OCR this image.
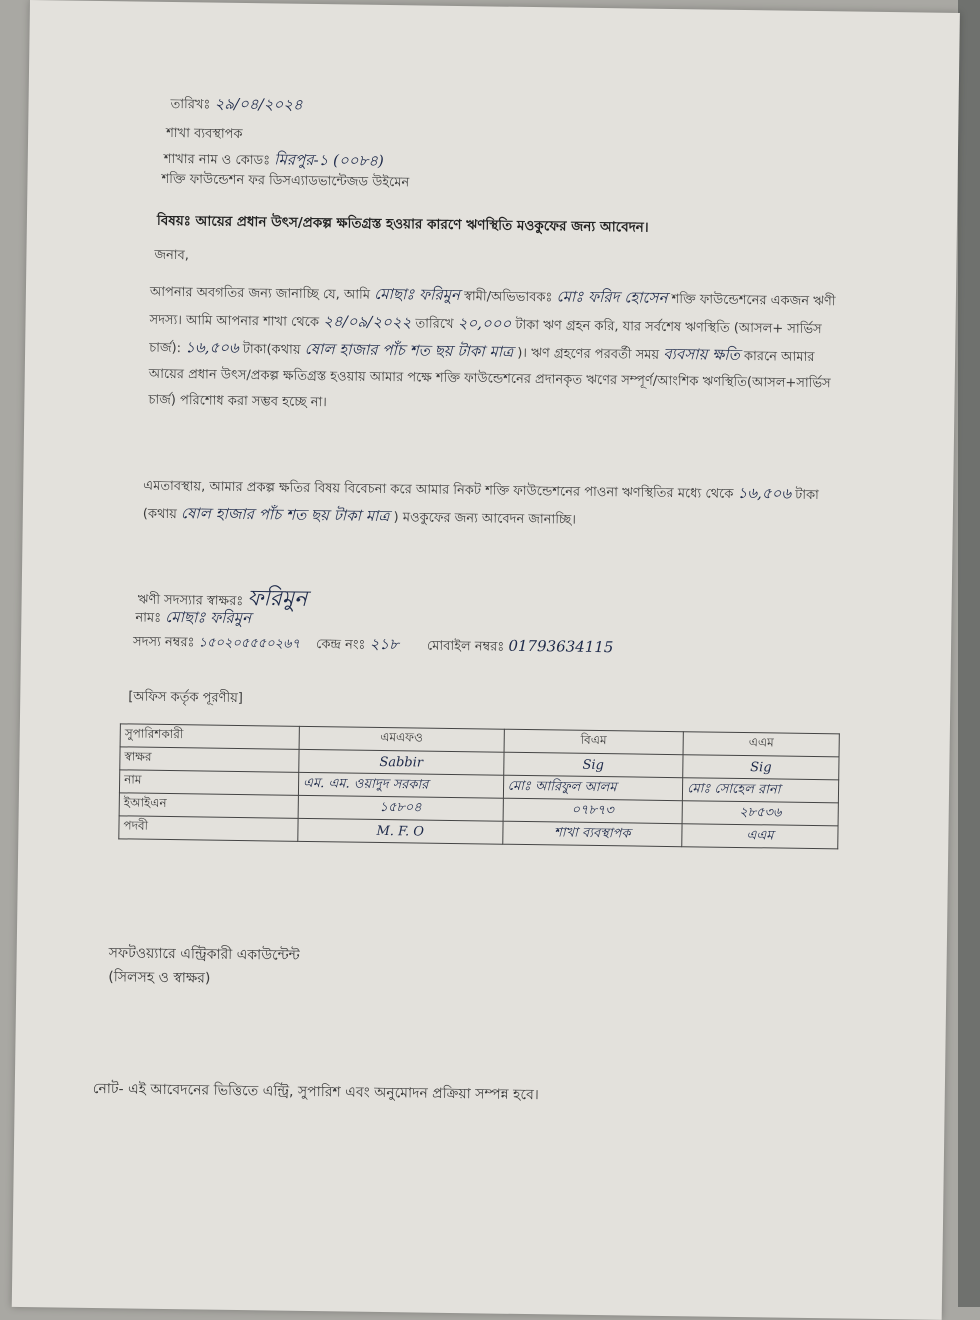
তারিখঃ ২৯/০৪/২০২৪
শাখা ব্যবস্থাপক
শাখার নাম ও কোডঃ মিরপুর-১ (০০৮৪)
শক্তি ফাউন্ডেশন ফর ডিসএ্যাডভান্টেজড উইমেন
বিষয়ঃ আয়ের প্রধান উৎস/প্রকল্প ক্ষতিগ্রস্ত হওয়ার কারণে ঋণস্থিতি মওকুফের জন্য আবেদন।
জনাব,
আপনার অবগতির জন্য জানাচ্ছি যে, আমি মোছাঃ ফরিমুন স্বামী/অভিভাবকঃ মোঃ ফরিদ হোসেন শক্তি ফাউন্ডেশনের একজন ঋণী সদস্য। আমি আপনার শাখা থেকে ২৪/০৯/২০২২ তারিখে ২০,০০০ টাকা ঋণ গ্রহন করি, যার সর্বশেষ ঋণস্থিতি (আসল+ সার্ভিস চার্জ): ১৬,৫০৬ টাকা(কথায় ষোল হাজার পাঁচ শত ছয় টাকা মাত্র )। ঋণ গ্রহণের পরবর্তী সময় ব্যবসায় ক্ষতি কারনে আমার আয়ের প্রধান উৎস/প্রকল্প ক্ষতিগ্রস্ত হওয়ায় আমার পক্ষে শক্তি ফাউন্ডেশনের প্রদানকৃত ঋণের সম্পূর্ণ/আংশিক ঋণস্থিতি(আসল+সার্ভিস চার্জ) পরিশোধ করা সম্ভব হচ্ছে না।
এমতাবস্থায়, আমার প্রকল্প ক্ষতির বিষয় বিবেচনা করে আমার নিকট শক্তি ফাউন্ডেশনের পাওনা ঋণস্থিতির মধ্যে থেকে ১৬,৫০৬ টাকা (কথায় ষোল হাজার পাঁচ শত ছয় টাকা মাত্র ) মওকুফের জন্য আবেদন জানাচ্ছি।
ঋণী সদস্যার স্বাক্ষরঃ ফরিমুন
নামঃ মোছাঃ ফরিমুন
সদস্য নম্বরঃ ১৫০২০৫৫৫০২৬৭ কেন্দ্র নংঃ ২১৮ মোবাইল নম্বরঃ 01793634115
[অফিস কর্তৃক পূরণীয়]
সুপারিশকারী	এমএফও	বিএম	এএম
স্বাক্ষর	Sabbir	Sig	Sig
নাম	এম. এম. ওয়াদুদ সরকার	মোঃ আরিফুল আলম	মোঃ সোহেল রানা
ইআইএন	১৫৮০৪	০৭৮৭৩	২৮৫৩৬
পদবী	M. F. O	শাখা ব্যবস্থাপক	এএম
সফটওয়্যারে এন্ট্রিকারী একাউন্টেন্ট
(সিলসহ ও স্বাক্ষর)
নোট- এই আবেদনের ভিত্তিতে এন্ট্রি, সুপারিশ এবং অনুমোদন প্রক্রিয়া সম্পন্ন হবে।
